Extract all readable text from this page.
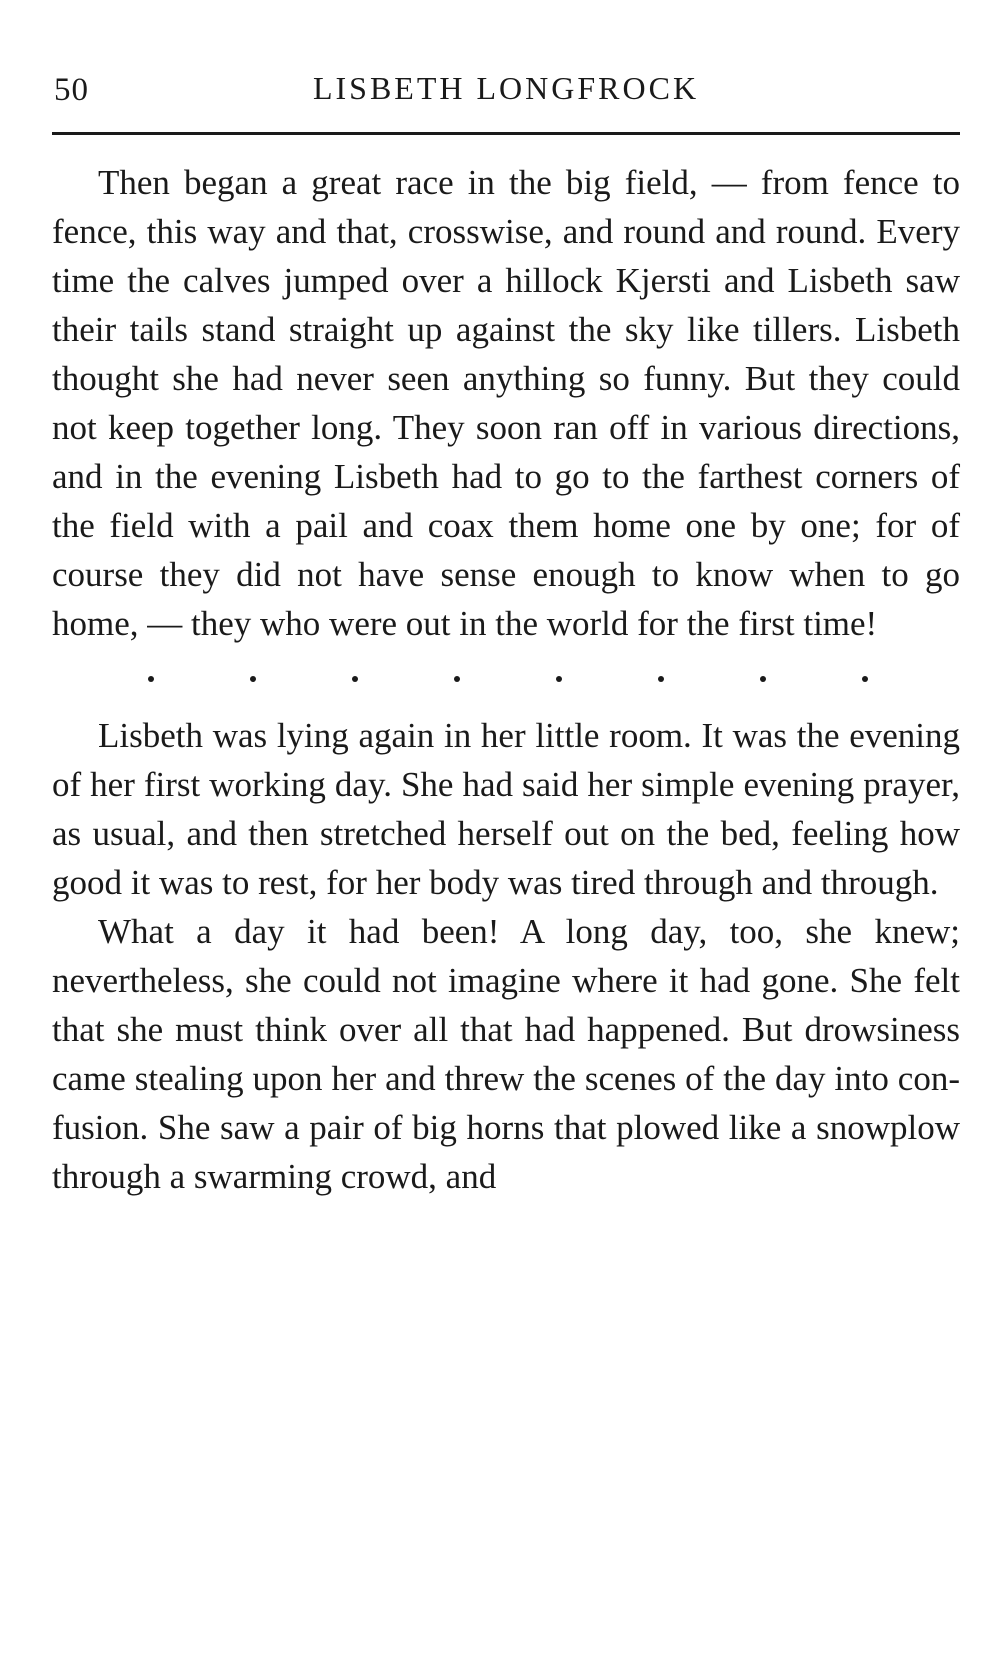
50	LISBETH LONGFROCK

Then began a great race in the big field, — from fence to fence, this way and that, crosswise, and round and round. Every time the calves jumped over a hillock Kjersti and Lisbeth saw their tails stand straight up against the sky like tillers. Lisbeth thought she had never seen anything so funny. But they could not keep together long. They soon ran off in various directions, and in the evening Lisbeth had to go to the farthest corners of the field with a pail and coax them home one by one; for of course they did not have sense enough to know when to go home, — they who were out in the world for the first time!

Lisbeth was lying again in her little room. It was the evening of her first working day. She had said her simple evening prayer, as usual, and then stretched herself out on the bed, feeling how good it was to rest, for her body was tired through and through.

What a day it had been! A long day, too, she knew; nevertheless, she could not imagine where it had gone. She felt that she must think over all that had happened. But drowsiness came stealing upon her and threw the scenes of the day into confusion. She saw a pair of big horns that plowed like a snowplow through a swarming crowd, and
